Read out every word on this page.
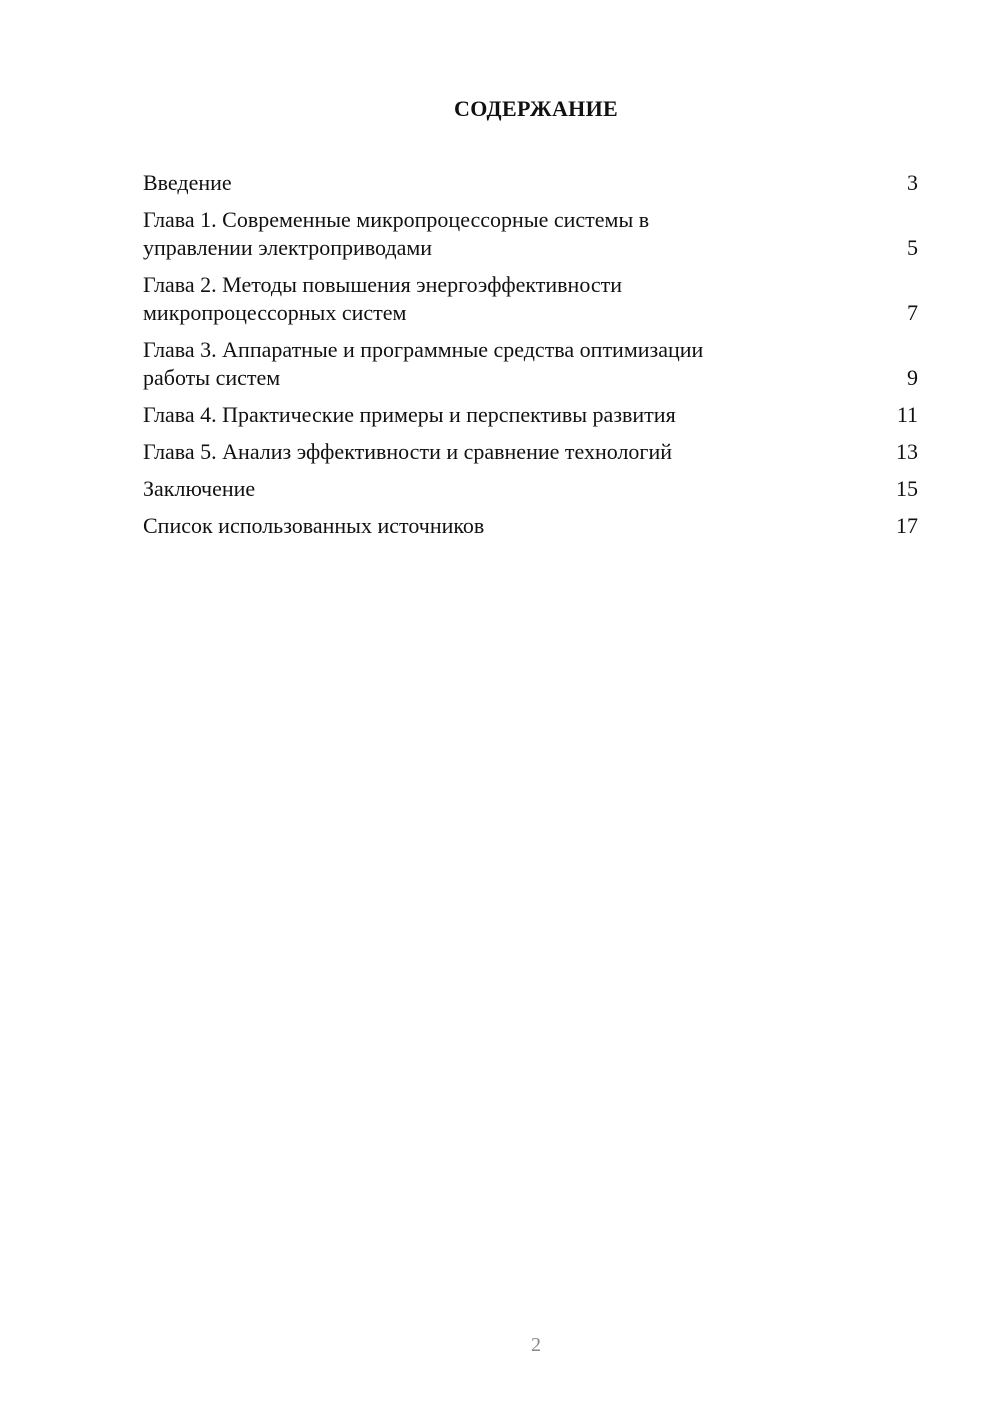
СОДЕРЖАНИЕ
Введение	3
Глава 1. Современные микропроцессорные системы в
управлении электроприводами	5
Глава 2. Методы повышения энергоэффективности
микропроцессорных систем	7
Глава 3. Аппаратные и программные средства оптимизации
работы систем	9
Глава 4. Практические примеры и перспективы развития	11
Глава 5. Анализ эффективности и сравнение технологий	13
Заключение	15
Список использованных источников	17
2
